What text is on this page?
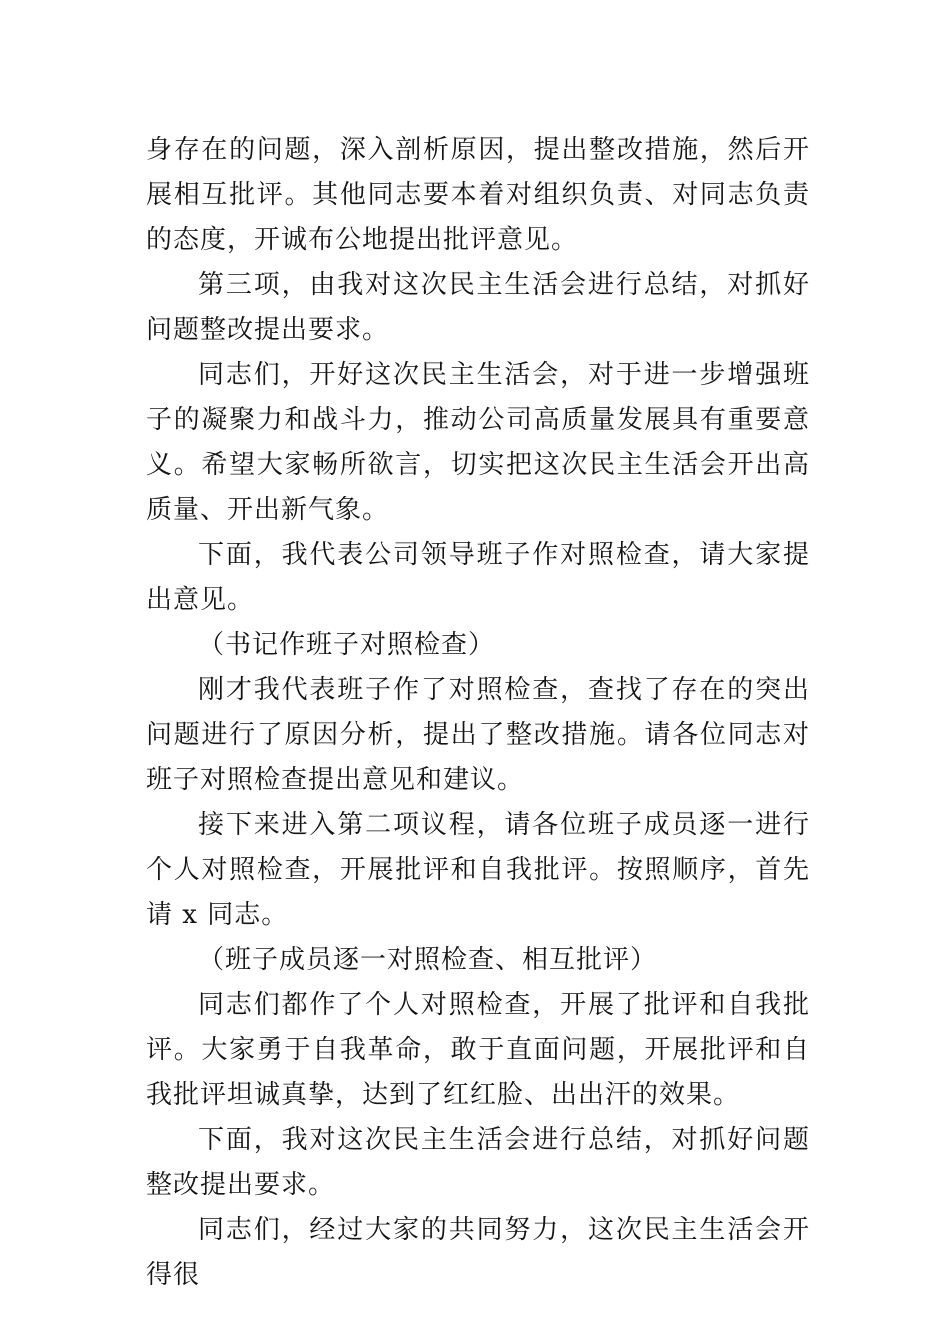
身存在的问题，深入剖析原因，提出整改措施，然后开展相互批评。其他同志要本着对组织负责、对同志负责的态度，开诚布公地提出批评意见。

第三项，由我对这次民主生活会进行总结，对抓好问题整改提出要求。

同志们，开好这次民主生活会，对于进一步增强班子的凝聚力和战斗力，推动公司高质量发展具有重要意义。希望大家畅所欲言，切实把这次民主生活会开出高质量、开出新气象。

下面，我代表公司领导班子作对照检查，请大家提出意见。

（书记作班子对照检查）

刚才我代表班子作了对照检查，查找了存在的突出问题进行了原因分析，提出了整改措施。请各位同志对班子对照检查提出意见和建议。

接下来进入第二项议程，请各位班子成员逐一进行个人对照检查，开展批评和自我批评。按照顺序，首先请 x 同志。

（班子成员逐一对照检查、相互批评）

同志们都作了个人对照检查，开展了批评和自我批评。大家勇于自我革命，敢于直面问题，开展批评和自我批评坦诚真挚，达到了红红脸、出出汗的效果。

下面，我对这次民主生活会进行总结，对抓好问题整改提出要求。

同志们，经过大家的共同努力，这次民主生活会开得很
